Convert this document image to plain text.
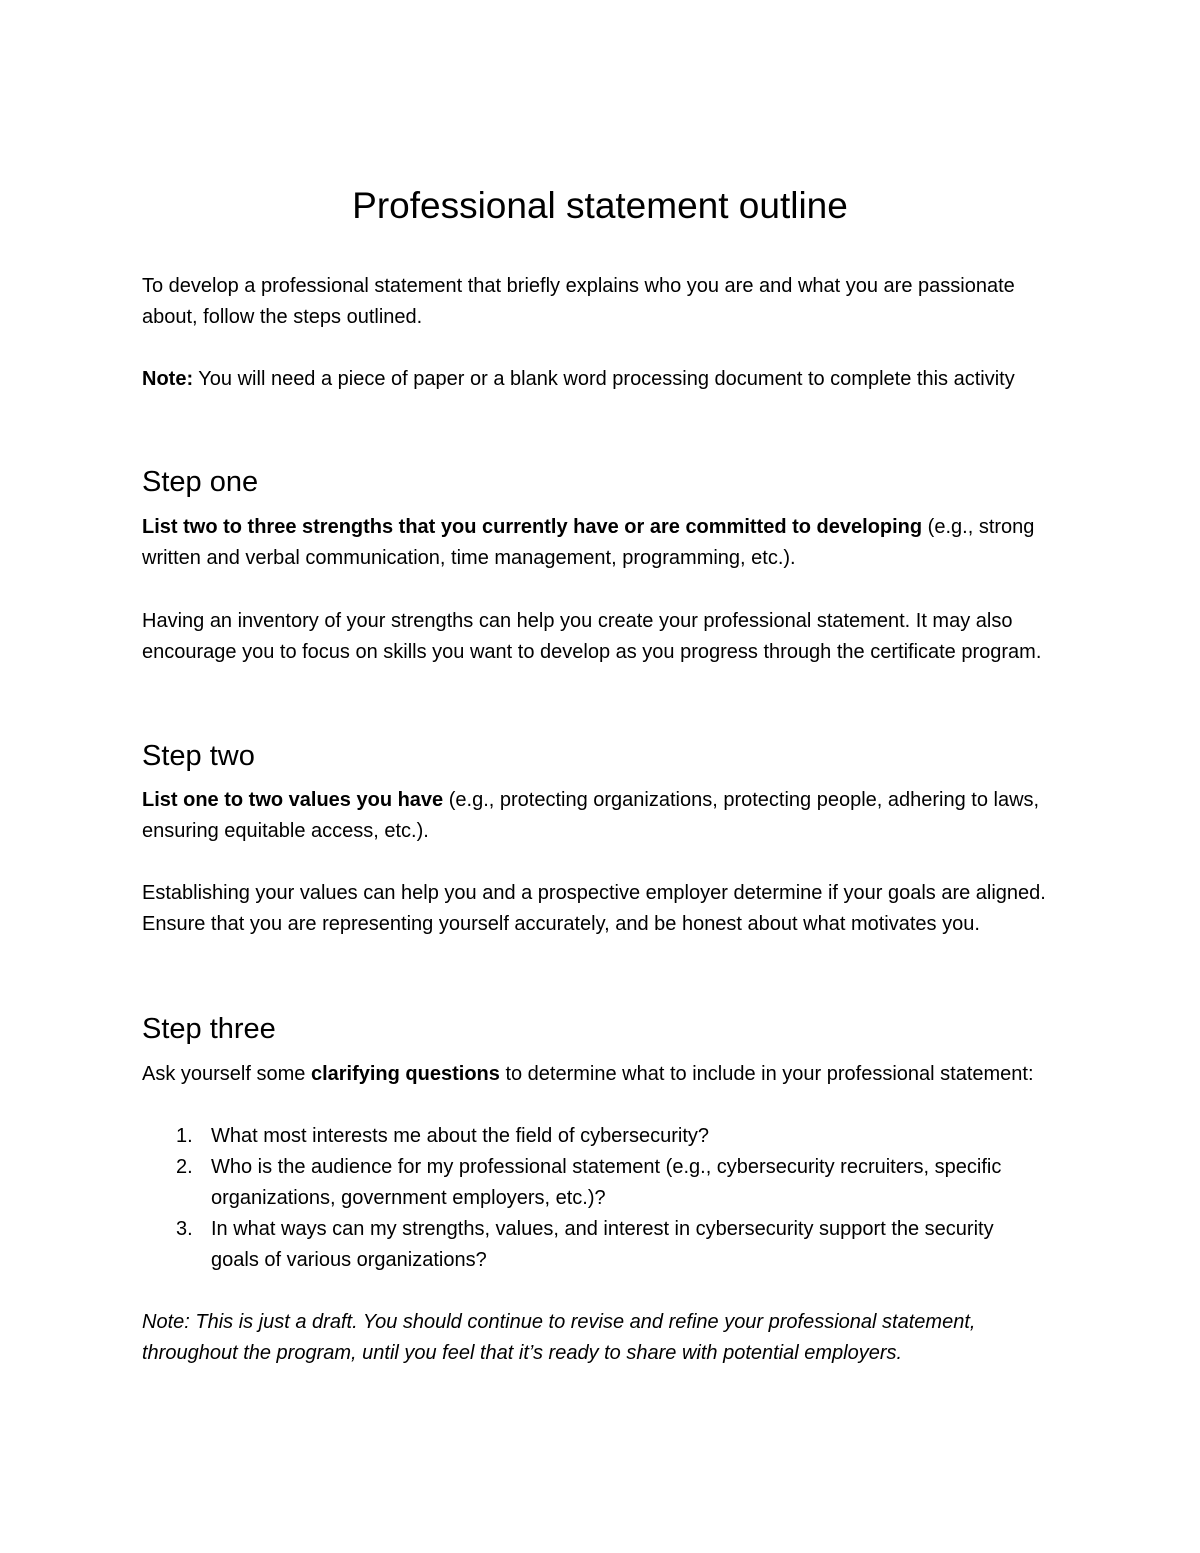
Professional statement outline

To develop a professional statement that briefly explains who you are and what you are passionate about, follow the steps outlined.

Note: You will need a piece of paper or a blank word processing document to complete this activity

Step one

List two to three strengths that you currently have or are committed to developing (e.g., strong written and verbal communication, time management, programming, etc.).

Having an inventory of your strengths can help you create your professional statement. It may also encourage you to focus on skills you want to develop as you progress through the certificate program.

Step two

List one to two values you have (e.g., protecting organizations, protecting people, adhering to laws, ensuring equitable access, etc.).

Establishing your values can help you and a prospective employer determine if your goals are aligned. Ensure that you are representing yourself accurately, and be honest about what motivates you.

Step three

Ask yourself some clarifying questions to determine what to include in your professional statement:

1. What most interests me about the field of cybersecurity?
2. Who is the audience for my professional statement (e.g., cybersecurity recruiters, specific organizations, government employers, etc.)?
3. In what ways can my strengths, values, and interest in cybersecurity support the security goals of various organizations?

Note: This is just a draft. You should continue to revise and refine your professional statement, throughout the program, until you feel that it’s ready to share with potential employers.
